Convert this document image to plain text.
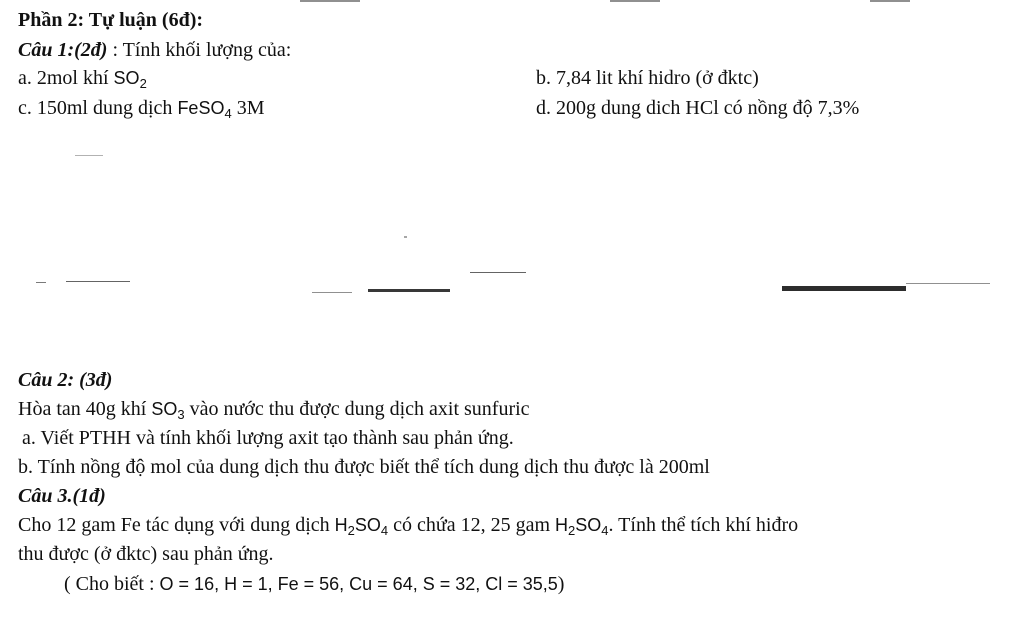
Phần 2: Tự luận (6đ):
Câu 1:(2đ) : Tính khối lượng của:
a. 2mol khí $SO_2$	b. 7,84 lit khí hidro (ở đktc)
c. 150ml dung dịch FeSO$_4$ 3M	d. 200g dung dich HCl có nồng độ 7,3%
Câu 2: (3đ)
Hòa tan 40g khí $SO_3$ vào nước thu được dung dịch axit sunfuric
a. Viết PTHH và tính khối lượng axit tạo thành sau phản ứng.
b. Tính nồng độ mol của dung dịch thu được biết thể tích dung dịch thu được là 200ml
Câu 3.(1đ)
Cho 12 gam Fe tác dụng với dung dịch $H_2SO_4$ có chứa 12, 25 gam $H_2SO_4$. Tính thể tích khí hiđro
thu được (ở đktc) sau phản ứng.
( Cho biết : O = 16, H = 1, Fe = 56, Cu = 64, S = 32, Cl = 35,5)
